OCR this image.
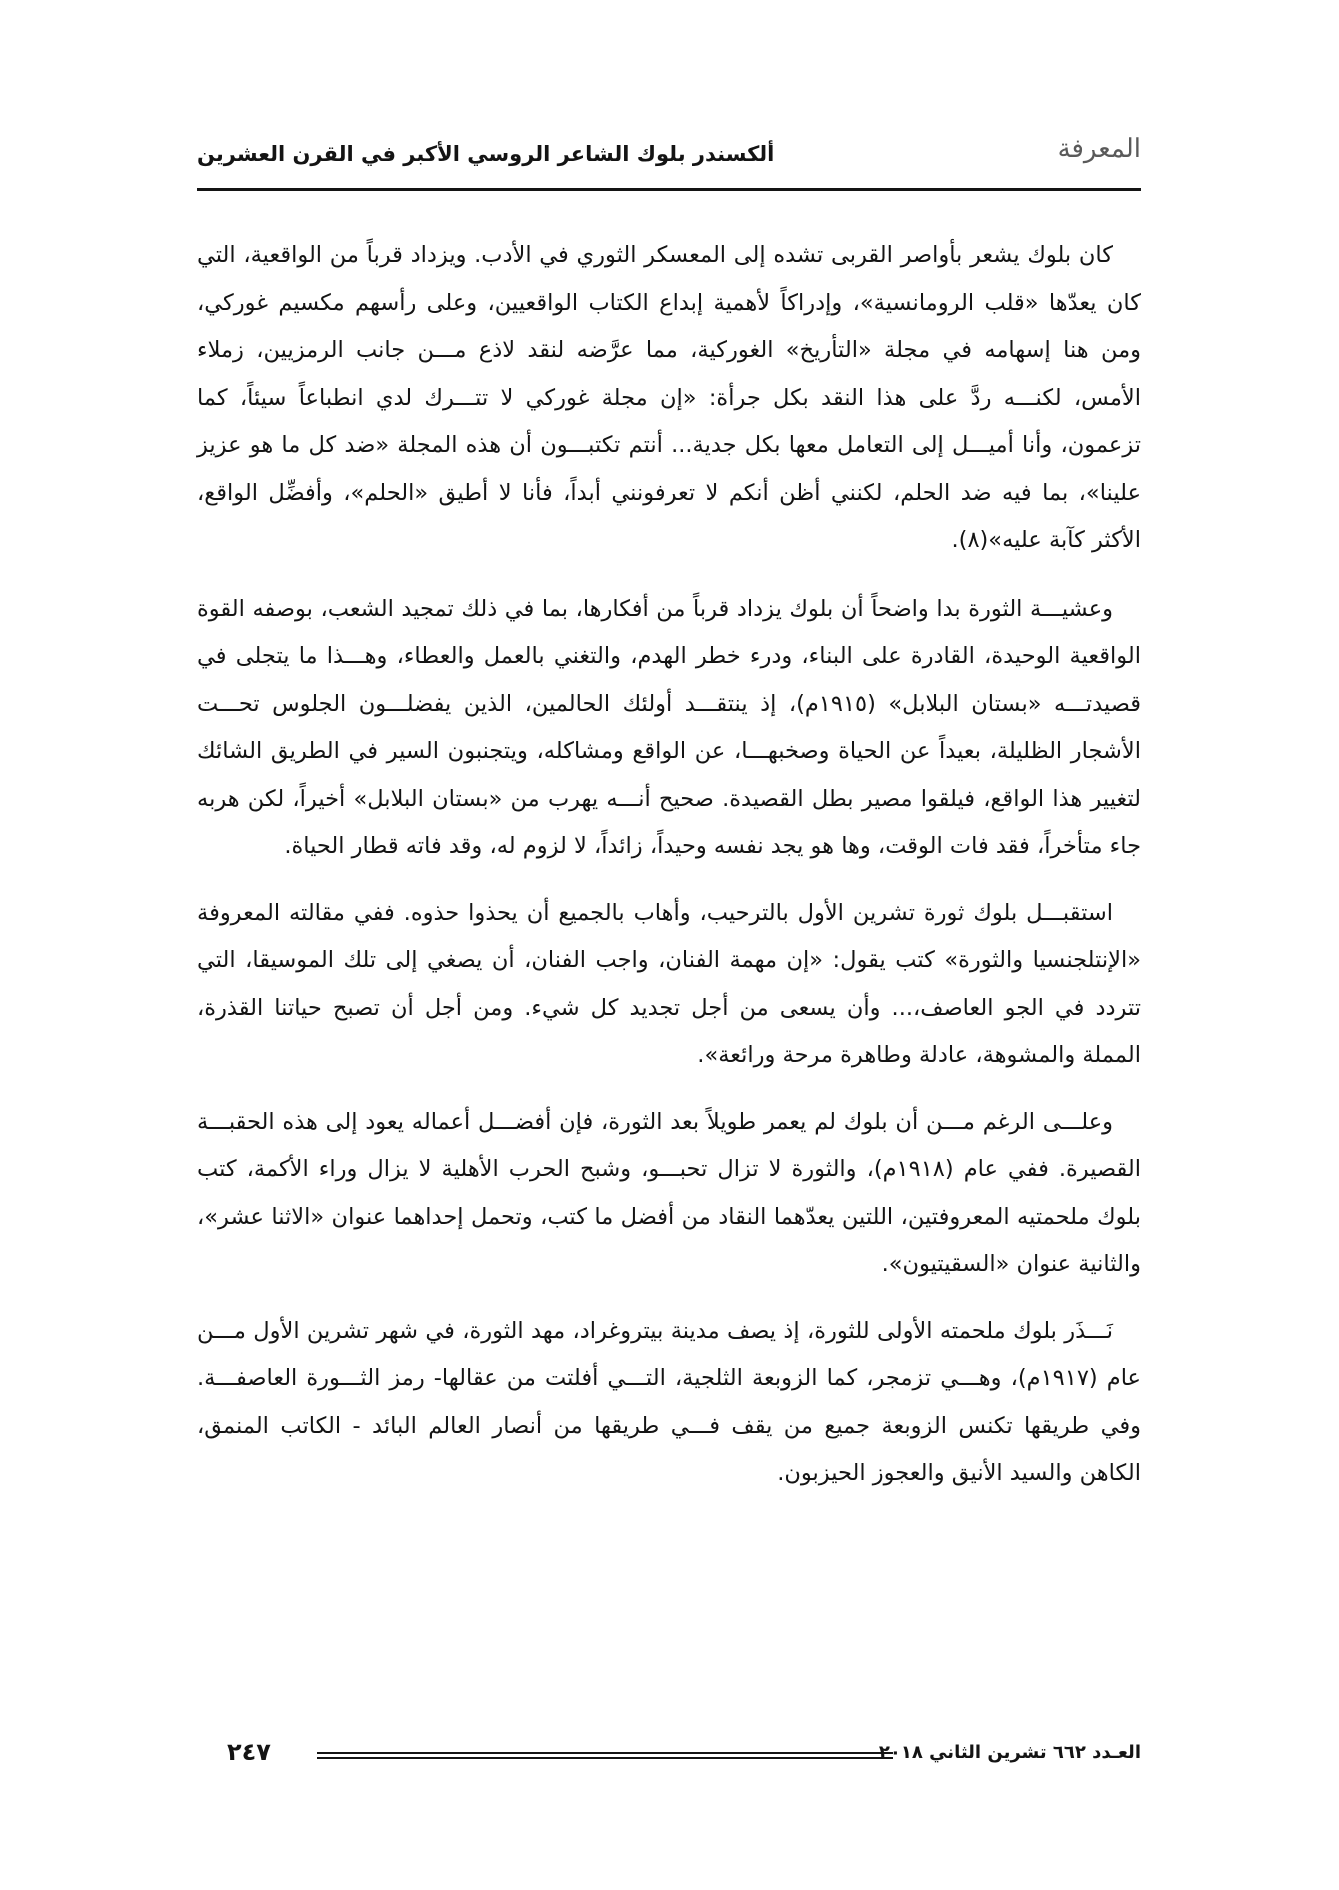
المعرفة
ألكسندر بلوك الشاعر الروسي الأكبر في القرن العشرين

كان بلوك يشعر بأواصر القربى تشده إلى المعسكر الثوري في الأدب. ويزداد قرباً من الواقعية، التي كان يعدّها «قلب الرومانسية»، وإدراكاً لأهمية إبداع الكتاب الواقعيين، وعلى رأسهم مكسيم غوركي، ومن هنا إسهامه في مجلة «التأريخ» الغوركية، مما عرَّضه لنقد لاذع مـــن جانب الرمزيين، زملاء الأمس، لكنـــه ردَّ على هذا النقد بكل جرأة: «إن مجلة غوركي لا تتـــرك لدي انطباعاً سيئاً، كما تزعمون، وأنا أميـــل إلى التعامل معها بكل جدية... أنتم تكتبـــون أن هذه المجلة «ضد كل ما هو عزيز علينا»، بما فيه ضد الحلم، لكنني أظن أنكم لا تعرفونني أبداً، فأنا لا أطيق «الحلم»، وأفضِّل الواقع، الأكثر كآبة عليه»(٨).

وعشيـــة الثورة بدا واضحاً أن بلوك يزداد قرباً من أفكارها، بما في ذلك تمجيد الشعب، بوصفه القوة الواقعية الوحيدة، القادرة على البناء، ودرء خطر الهدم، والتغني بالعمل والعطاء، وهـــذا ما يتجلى في قصيدتـــه «بستان البلابل» (١٩١٥م)، إذ ينتقـــد أولئك الحالمين، الذين يفضلـــون الجلوس تحـــت الأشجار الظليلة، بعيداً عن الحياة وصخبهـــا، عن الواقع ومشاكله، ويتجنبون السير في الطريق الشائك لتغيير هذا الواقع، فيلقوا مصير بطل القصيدة. صحيح أنـــه يهرب من «بستان البلابل» أخيراً، لكن هربه جاء متأخراً، فقد فات الوقت، وها هو يجد نفسه وحيداً، زائداً، لا لزوم له، وقد فاته قطار الحياة.

استقبـــل بلوك ثورة تشرين الأول بالترحيب، وأهاب بالجميع أن يحذوا حذوه. ففي مقالته المعروفة «الإنتلجنسيا والثورة» كتب يقول: «إن مهمة الفنان، واجب الفنان، أن يصغي إلى تلك الموسيقا، التي تتردد في الجو العاصف،... وأن يسعى من أجل تجديد كل شيء. ومن أجل أن تصبح حياتنا القذرة، المملة والمشوهة، عادلة وطاهرة مرحة ورائعة».

وعلـــى الرغم مـــن أن بلوك لم يعمر طويلاً بعد الثورة، فإن أفضـــل أعماله يعود إلى هذه الحقبـــة القصيرة. ففي عام (١٩١٨م)، والثورة لا تزال تحبـــو، وشبح الحرب الأهلية لا يزال وراء الأكمة، كتب بلوك ملحمتيه المعروفتين، اللتين يعدّهما النقاد من أفضل ما كتب، وتحمل إحداهما عنوان «الاثنا عشر»، والثانية عنوان «السقيتيون».

نَـــذَر بلوك ملحمته الأولى للثورة، إذ يصف مدينة بيتروغراد، مهد الثورة، في شهر تشرين الأول مـــن عام (١٩١٧م)، وهـــي تزمجر، كما الزوبعة الثلجية، التـــي أفلتت من عقالها- رمز الثـــورة العاصفـــة. وفي طريقها تكنس الزوبعة جميع من يقف فـــي طريقها من أنصار العالم البائد - الكاتب المنمق، الكاهن والسيد الأنيق والعجوز الحيزبون.

العـدد ٦٦٢ تشرين الثاني ٢٠١٨
٢٤٧
